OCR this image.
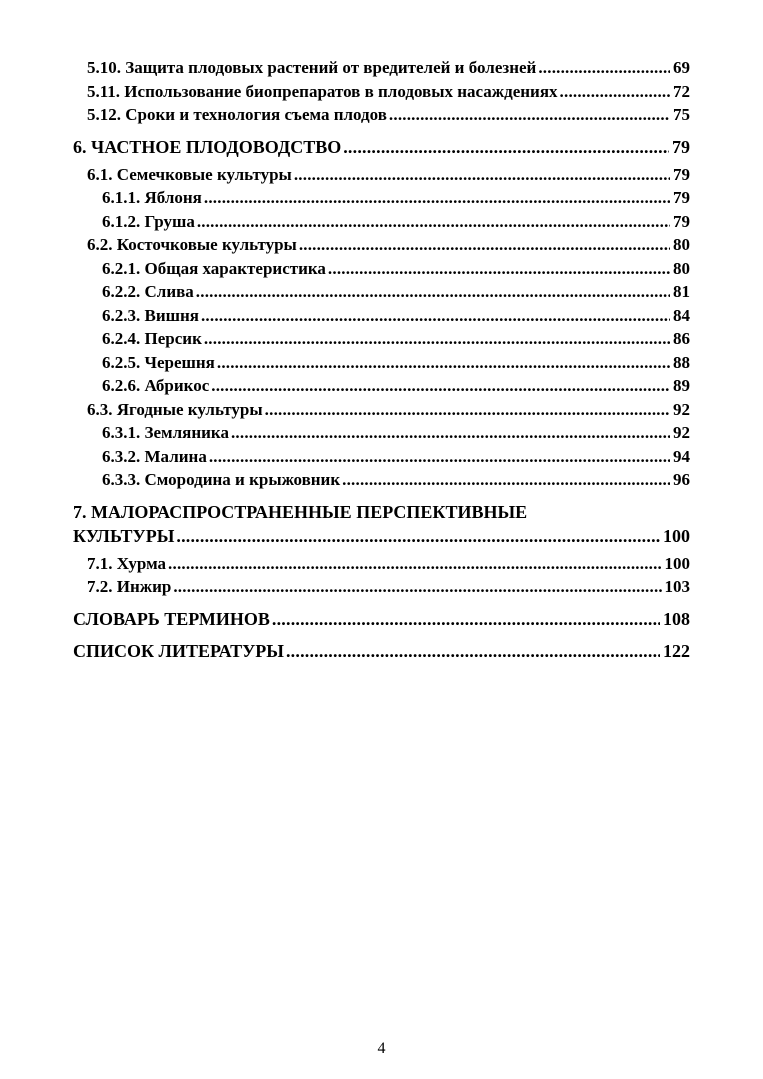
5.10. Защита плодовых растений от вредителей и болезней .....	69
5.11. Использование биопрепаратов в плодовых насаждениях .....	72
5.12. Сроки и технология съема плодов .....	75
6. ЧАСТНОЕ ПЛОДОВОДСТВО .....	79
6.1. Семечковые культуры .....	79
6.1.1. Яблоня .....	79
6.1.2. Груша .....	79
6.2. Косточковые культуры .....	80
6.2.1. Общая характеристика .....	80
6.2.2. Слива .....	81
6.2.3. Вишня .....	84
6.2.4. Персик .....	86
6.2.5. Черешня .....	88
6.2.6. Абрикос .....	89
6.3. Ягодные культуры .....	92
6.3.1. Земляника .....	92
6.3.2. Малина .....	94
6.3.3. Смородина и крыжовник .....	96
7. МАЛОРАСПРОСТРАНЕННЫЕ ПЕРСПЕКТИВНЫЕ
КУЛЬТУРЫ .....	100
7.1. Хурма .....	100
7.2. Инжир .....	103
СЛОВАРЬ ТЕРМИНОВ .....	108
СПИСОК ЛИТЕРАТУРЫ .....	122
4
